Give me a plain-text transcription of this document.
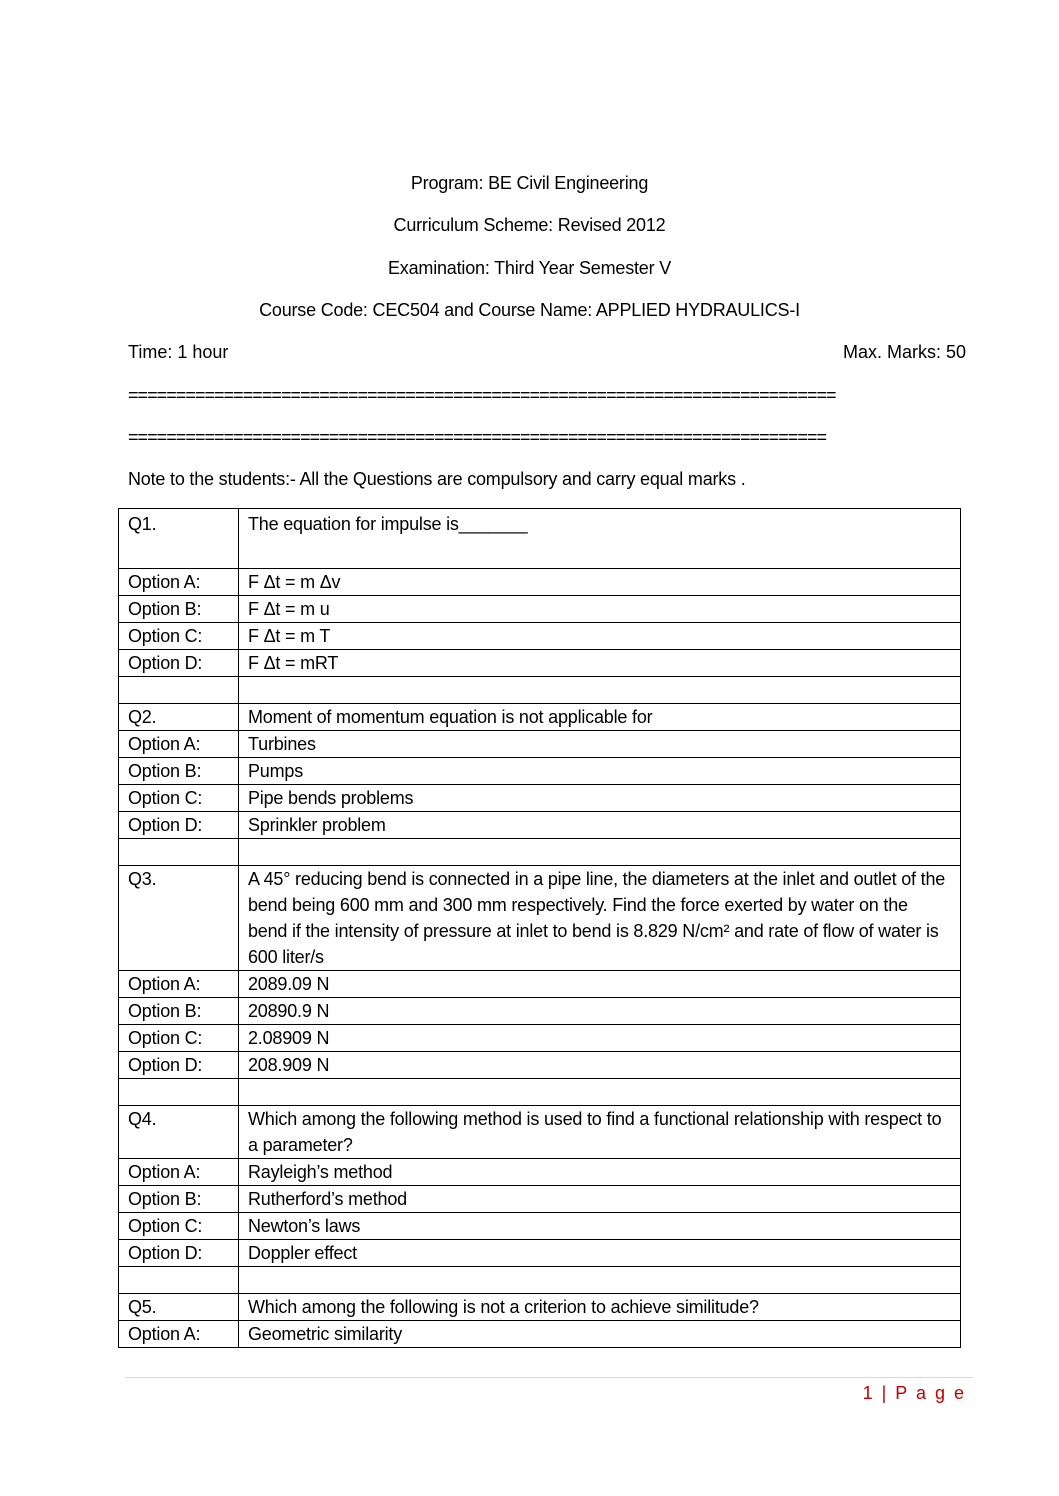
Program: BE Civil Engineering
Curriculum Scheme: Revised 2012
Examination: Third Year Semester V
Course Code: CEC504 and Course Name: APPLIED HYDRAULICS-I
Time: 1 hour	Max. Marks: 50
==========================================================================
=========================================================================
Note to the students:- All the Questions are compulsory and carry equal marks .
Q1.	The equation for impulse is_______
Option A:	F Δt = m Δv
Option B:	F Δt = m u
Option C:	F Δt = m T
Option D:	F Δt = mRT

Q2.	Moment of momentum equation is not applicable for
Option A:	Turbines
Option B:	Pumps
Option C:	Pipe bends problems
Option D:	Sprinkler problem

Q3.	A 45° reducing bend is connected in a pipe line, the diameters at the inlet and outlet of the bend being 600 mm and 300 mm respectively. Find the force exerted by water on the bend if the intensity of pressure at inlet to bend is 8.829 N/cm² and rate of flow of water is 600 liter/s
Option A:	2089.09 N
Option B:	20890.9 N
Option C:	2.08909 N
Option D:	208.909 N

Q4.	Which among the following method is used to find a functional relationship with respect to a parameter?
Option A:	Rayleigh’s method
Option B:	Rutherford’s method
Option C:	Newton’s laws
Option D:	Doppler effect

Q5.	Which among the following is not a criterion to achieve similitude?
Option A:	Geometric similarity
1 | P a g e
